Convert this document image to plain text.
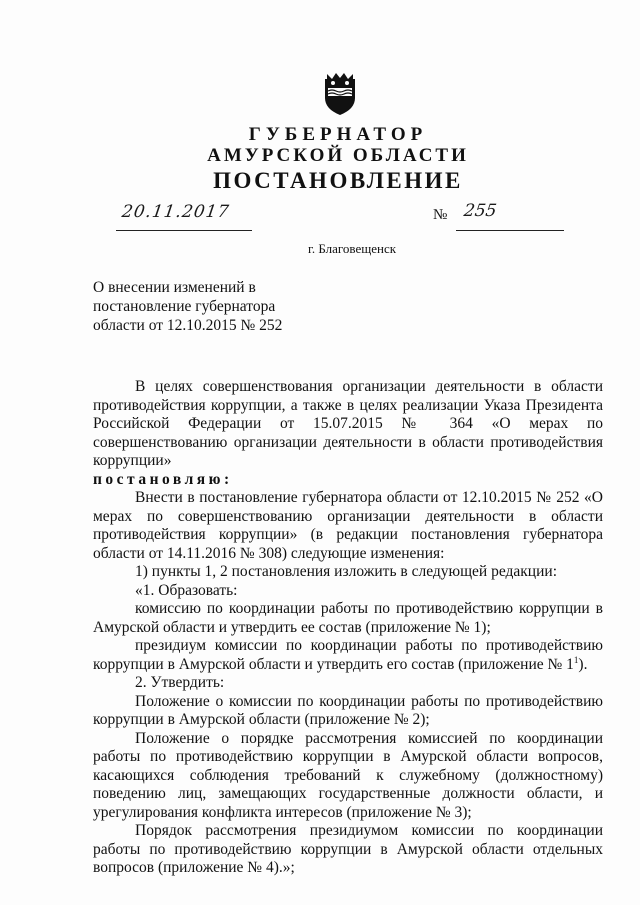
ГУБЕРНАТОР
АМУРСКОЙ ОБЛАСТИ
ПОСТАНОВЛЕНИЕ
20.11.2017	№ 255
г. Благовещенск
О внесении изменений в
постановление губернатора
области от 12.10.2015 № 252

В целях совершенствования организации деятельности в области противодействия коррупции, а также в целях реализации Указа Президента Российской Федерации от 15.07.2015 № 364 «О мерах по совершенствованию организации деятельности в области противодействия коррупции»

постановляю:

Внести в постановление губернатора области от 12.10.2015 № 252 «О мерах по совершенствованию организации деятельности в области противодействия коррупции» (в редакции постановления губернатора области от 14.11.2016 № 308) следующие изменения:

1) пункты 1, 2 постановления изложить в следующей редакции:

«1. Образовать:

комиссию по координации работы по противодействию коррупции в Амурской области и утвердить ее состав (приложение № 1);

президиум комиссии по координации работы по противодействию коррупции в Амурской области и утвердить его состав (приложение № $1^1$).

2. Утвердить:

Положение о комиссии по координации работы по противодействию коррупции в Амурской области (приложение № 2);

Положение о порядке рассмотрения комиссией по координации работы по противодействию коррупции в Амурской области вопросов, касающихся соблюдения требований к служебному (должностному) поведению лиц, замещающих государственные должности области, и урегулирования конфликта интересов (приложение № 3);

Порядок рассмотрения президиумом комиссии по координации работы по противодействию коррупции в Амурской области отдельных вопросов (приложение № 4).»;
